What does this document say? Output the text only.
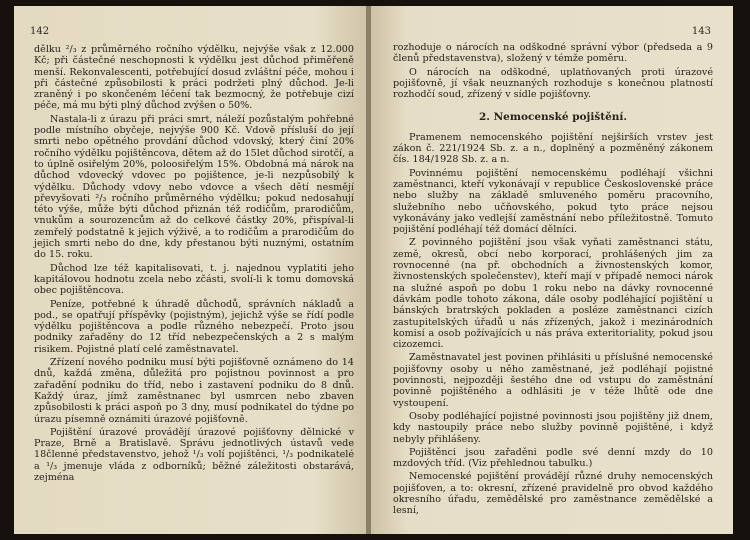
142

dělku ²/₃ z průměrného ročního výdělku, nejvýše však z 12.000 Kč; při částečné neschopnosti k výdělku jest důchod přiměřeně menší. Rekonvalescenti, potřebující dosud zvláštní péče, mohou i při částečné způsobilosti k práci podržeti plný důchod. Je-li zraněný i po skončeném léčení tak bezmocný, že potřebuje cizí péče, má mu býti plný důchod zvýšen o 50%.

Nastala-li z úrazu při práci smrt, náleží pozůstalým pohřebné podle místního obyčeje, nejvýše 900 Kč. Vdově přísluší do její smrti nebo opětného provdání důchod vdovský, který činí 20% ročního výdělku pojištěncova, dětem až do 15let důchod sirotčí, a to úplně osiřelým 20%, poloosiřelým 15%. Obdobná má nárok na důchod vdovecký vdovec po pojištence, je-li nezpůsobilý k výdělku. Důchody vdovy nebo vdovce a všech dětí nesmějí převyšovati ²/₃ ročního průměrného výdělku; pokud nedosahují této výše, může býti důchod přiznán též rodičům, prarodičům, vnukům a sourozencům až do celkové částky 20%, přispíval-li zemřelý podstatně k jejich výživě, a to rodičům a prarodičům do jejich smrti nebo do dne, kdy přestanou býti nuznými, ostatním do 15. roku.

Důchod lze též kapitalisovati, t. j. najednou vyplatiti jeho kapitálovou hodnotu zcela nebo zčásti, svolí-li k tomu domovská obec pojištěncova.

Peníze, potřebné k úhradě důchodů, správních nákladů a pod., se opatřují příspěvky (pojistným), jejichž výše se řídí podle výdělku pojištěncova a podle různého nebezpečí. Proto jsou podniky zařaděny do 12 tříd nebezpečenských a 2 s malým risikem. Pojistné platí celé zaměstnavatel.

Zřízení nového podniku musí býti pojišťovně oznámeno do 14 dnů, každá změna, důležitá pro pojistnou povinnost a pro zařadění podniku do tříd, nebo i zastavení podniku do 8 dnů. Každý úraz, jímž zaměstnanec byl usmrcen nebo zbaven způsobilosti k práci aspoň po 3 dny, musí podnikatel do týdne po úrazu písemně oznámiti úrazové pojišťovně.

Pojištění úrazové provádějí úrazové pojišťovny dělnické v Praze, Brně a Bratislavě. Správu jednotlivých ústavů vede 18členné představenstvo, jehož ¹/₃ volí pojištěnci, ¹/₃ podnikatelé a ¹/₃ jmenuje vláda z odborníků; běžné záležitosti obstarává, zejména

143

rozhoduje o nárocích na odškodné správní výbor (předseda a 9 členů představenstva), složený v témže poměru.

O nárocích na odškodné, uplatňovaných proti úrazové pojišťovně, jí však neuznaných rozhoduje s konečnou platností rozhodčí soud, zřízený v sídle pojišťovny.

2. Nemocenské pojištění.

Pramenem nemocenského pojištění nejširších vrstev jest zákon č. 221/1924 Sb. z. a n., doplněný a pozměněný zákonem čís. 184/1928 Sb. z. a n.

Povinnému pojištění nemocenskému podléhají všichni zaměstnanci, kteří vykonávají v republice Československé práce nebo služby na základě smluveného poměru pracovního, služebního nebo učňovského, pokud tyto práce nejsou vykonávány jako vedlejší zaměstnání nebo příležitostně. Tomuto pojištění podléhají též domácí dělníci.

Z povinného pojištění jsou však vyňati zaměstnanci státu, země, okresů, obcí nebo korporací, prohlášených jim za rovnocenné (na př. obchodních a živnostenských komor, živnostenských společenstev), kteří mají v případě nemoci nárok na služné aspoň po dobu 1 roku nebo na dávky rovnocenné dávkám podle tohoto zákona, dále osoby podléhající pojištění u bánských bratrských pokladen a posléze zaměstnanci cizích zastupitelských úřadů u nás zřízených, jakož i mezinárodních komisí a osob požívajících u nás práva exteritoriality, pokud jsou cizozemci.

Zaměstnavatel jest povinen přihlásiti u příslušné nemocenské pojišťovny osoby u něho zaměstnané, jež podléhají pojistné povinnosti, nejpozději šestého dne od vstupu do zaměstnání povinně pojištěného a odhlásiti je v téže lhůtě ode dne vystoupení.

Osoby podléhající pojistné povinnosti jsou pojištěny již dnem, kdy nastoupily práce nebo služby povinně pojištěné, i když nebyly přihlášeny.

Pojištěnci jsou zařaděni podle své denní mzdy do 10 mzdových tříd. (Viz přehlednou tabulku.)

Nemocenské pojištění provádějí různé druhy nemocenských pojišťoven, a to: okresní, zřízené pravidelně pro obvod každého okresního úřadu, zemědělské pro zaměstnance zemědělské a lesní,
